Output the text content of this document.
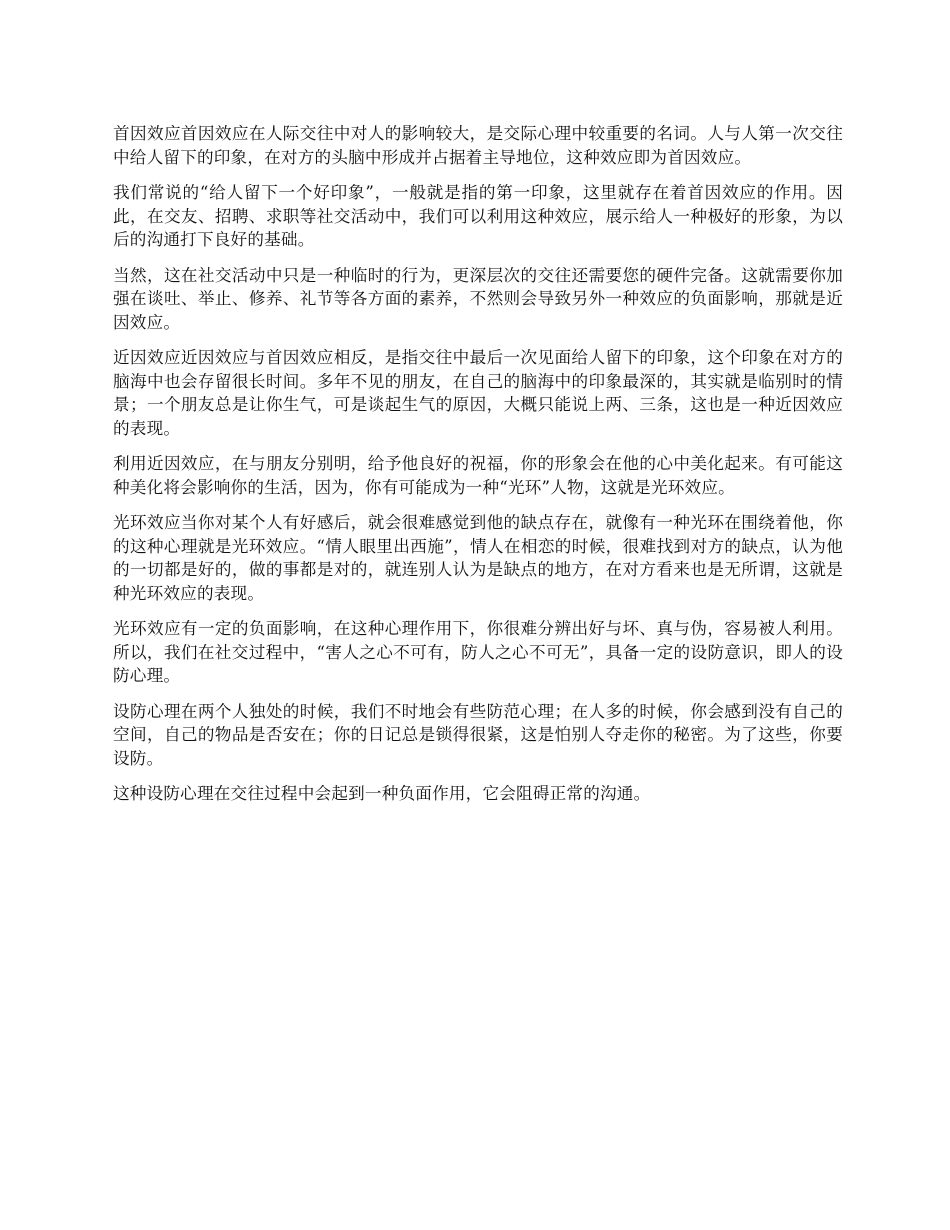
首因效应首因效应在人际交往中对人的影响较大，是交际心理中较重要的名词。人与人第一次交往中给人留下的印象，在对方的头脑中形成并占据着主导地位，这种效应即为首因效应。

我们常说的“给人留下一个好印象”，一般就是指的第一印象，这里就存在着首因效应的作用。因此，在交友、招聘、求职等社交活动中，我们可以利用这种效应，展示给人一种极好的形象，为以后的沟通打下良好的基础。

当然，这在社交活动中只是一种临时的行为，更深层次的交往还需要您的硬件完备。这就需要你加强在谈吐、举止、修养、礼节等各方面的素养，不然则会导致另外一种效应的负面影响，那就是近因效应。

近因效应近因效应与首因效应相反，是指交往中最后一次见面给人留下的印象，这个印象在对方的脑海中也会存留很长时间。多年不见的朋友，在自己的脑海中的印象最深的，其实就是临别时的情景；一个朋友总是让你生气，可是谈起生气的原因，大概只能说上两、三条，这也是一种近因效应的表现。

利用近因效应，在与朋友分别明，给予他良好的祝福，你的形象会在他的心中美化起来。有可能这种美化将会影响你的生活，因为，你有可能成为一种“光环”人物，这就是光环效应。

光环效应当你对某个人有好感后，就会很难感觉到他的缺点存在，就像有一种光环在围绕着他，你的这种心理就是光环效应。“情人眼里出西施”，情人在相恋的时候，很难找到对方的缺点，认为他的一切都是好的，做的事都是对的，就连别人认为是缺点的地方，在对方看来也是无所谓，这就是种光环效应的表现。

光环效应有一定的负面影响，在这种心理作用下，你很难分辨出好与坏、真与伪，容易被人利用。所以，我们在社交过程中，“害人之心不可有，防人之心不可无”，具备一定的设防意识，即人的设防心理。

设防心理在两个人独处的时候，我们不时地会有些防范心理；在人多的时候，你会感到没有自己的空间，自己的物品是否安在；你的日记总是锁得很紧，这是怕别人夺走你的秘密。为了这些，你要设防。

这种设防心理在交往过程中会起到一种负面作用，它会阻碍正常的沟通。
